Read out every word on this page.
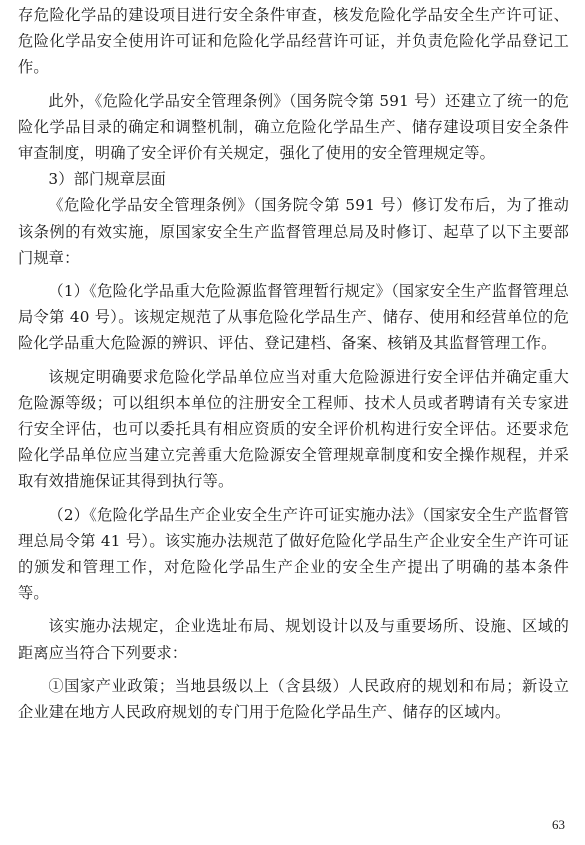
存危险化学品的建设项目进行安全条件审查，核发危险化学品安全生产许可证、危险化学品安全使用许可证和危险化学品经营许可证，并负责危险化学品登记工作。

此外，《危险化学品安全管理条例》（国务院令第 591 号）还建立了统一的危险化学品目录的确定和调整机制，确立危险化学品生产、储存建设项目安全条件审查制度，明确了安全评价有关规定，强化了使用的安全管理规定等。

3）部门规章层面

《危险化学品安全管理条例》（国务院令第 591 号）修订发布后，为了推动该条例的有效实施，原国家安全生产监督管理总局及时修订、起草了以下主要部门规章：

（1）《危险化学品重大危险源监督管理暂行规定》（国家安全生产监督管理总局令第 40 号）。该规定规范了从事危险化学品生产、储存、使用和经营单位的危险化学品重大危险源的辨识、评估、登记建档、备案、核销及其监督管理工作。

该规定明确要求危险化学品单位应当对重大危险源进行安全评估并确定重大危险源等级；可以组织本单位的注册安全工程师、技术人员或者聘请有关专家进行安全评估，也可以委托具有相应资质的安全评价机构进行安全评估。还要求危险化学品单位应当建立完善重大危险源安全管理规章制度和安全操作规程，并采取有效措施保证其得到执行等。

（2）《危险化学品生产企业安全生产许可证实施办法》（国家安全生产监督管理总局令第 41 号）。该实施办法规范了做好危险化学品生产企业安全生产许可证的颁发和管理工作，对危险化学品生产企业的安全生产提出了明确的基本条件等。

该实施办法规定，企业选址布局、规划设计以及与重要场所、设施、区域的距离应当符合下列要求：

①国家产业政策；当地县级以上（含县级）人民政府的规划和布局；新设立企业建在地方人民政府规划的专门用于危险化学品生产、储存的区域内。

63
